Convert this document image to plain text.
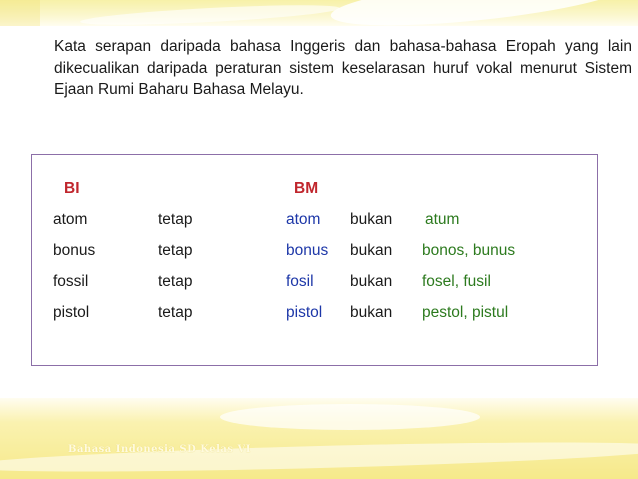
Kata serapan daripada bahasa Inggeris dan bahasa-bahasa Eropah yang lain dikecualikan daripada peraturan sistem keselarasan huruf vokal menurut Sistem Ejaan Rumi Baharu Bahasa Melayu.
BI	BM
atom	tetap	atom bukan atum
bonus	tetap	bonus bukan bonos, bunus
fossil	tetap	fosil bukan fosel, fusil
pistol	tetap	pistol bukan pestol, pistul
Bahasa Indonesia SD Kelas VI
